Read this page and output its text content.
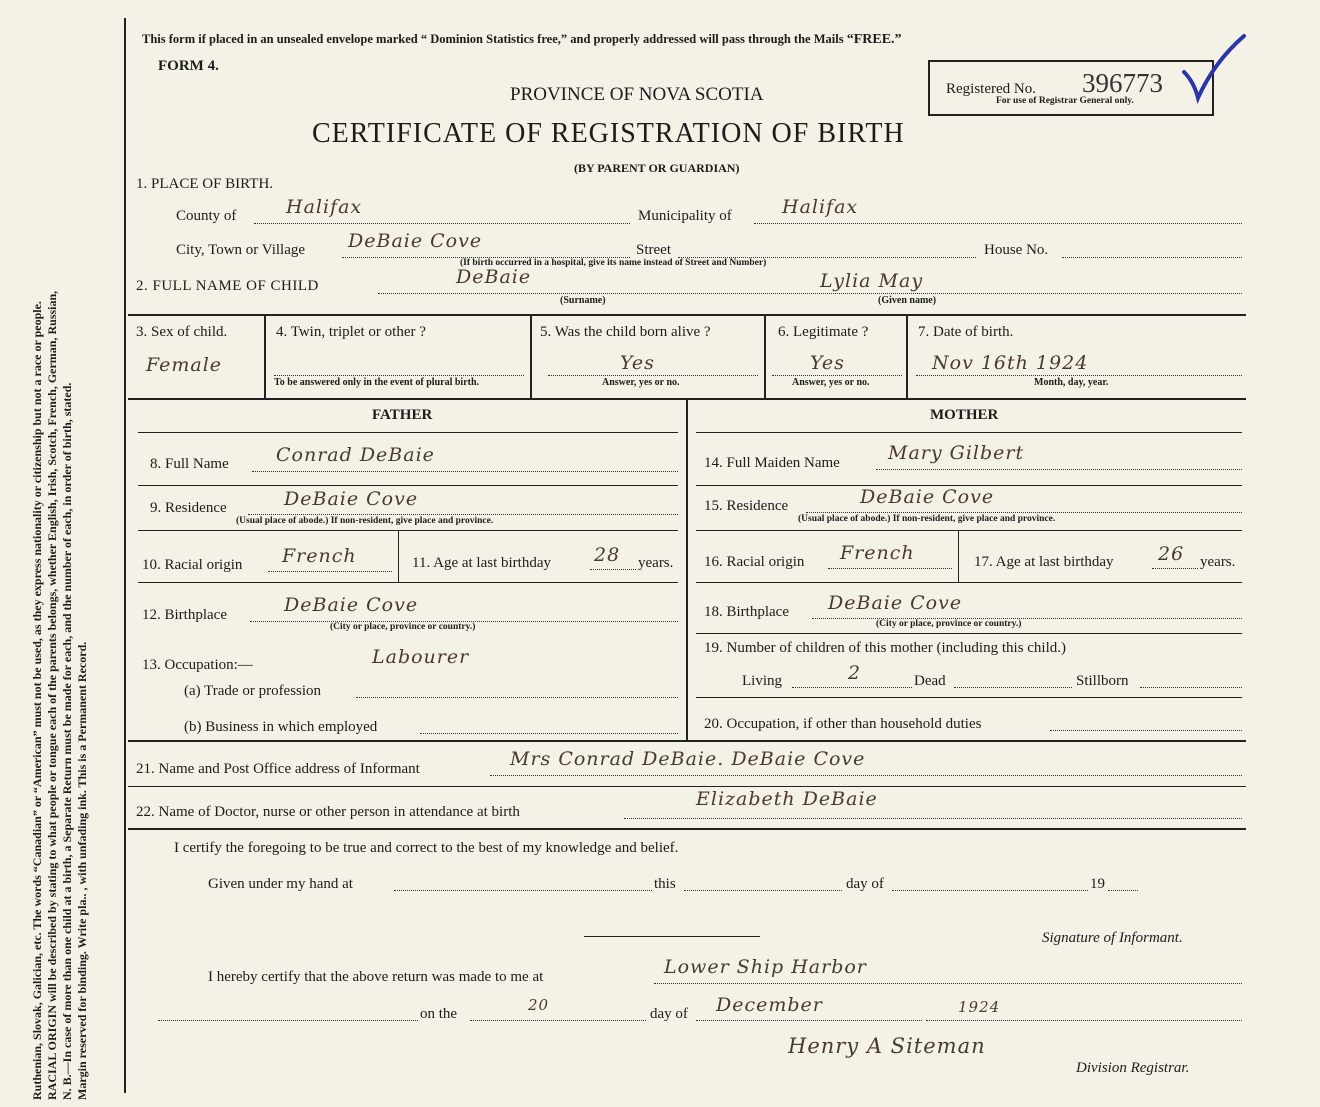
Ruthenian, Slovak, Galician, etc. The words “Canadian” or “American” must not be used, as they express nationality or citizenship but not a race or people. RACIAL ORIGIN will be described by stating to what people or tongue each of the parents belongs, whether English, Irish, Scotch, French, German, Russian, N. B.—In case of more than one child at a birth, a Separate Return must be made for each, and the number of each, in order of birth, stated. Margin reserved for binding. Write pla.. , with unfading ink. This is a Permanent Record.
This form if placed in an unsealed envelope marked “ Dominion Statistics free,” and properly addressed will pass through the Mails “FREE.”
FORM 4.
PROVINCE OF NOVA SCOTIA
CERTIFICATE OF REGISTRATION OF BIRTH
(BY PARENT OR GUARDIAN)
Registered No. 396773
For use of Registrar General only.
1. PLACE OF BIRTH.
County of	Halifax	Municipality of	Halifax
City, Town or Village DeBaie Cove	Street	House No.
(If birth occurred in a hospital, give its name instead of Street and Number)
2. FULL NAME OF CHILD	DeBaie
(Surname)
Lylia May
(Given name)
3. Sex of child.
Female
4. Twin, triplet or other ?
To be answered only in the event of plural birth.
5. Was the child born alive ?
Yes
Answer, yes or no.
6. Legitimate ?
Yes
Answer, yes or no.
7. Date of birth.
Nov 16th 1924
Month, day, year.
FATHER	MOTHER
8. Full Name Conrad DeBaie
9. Residence	DeBaie Cove
(Usual place of abode.) If non-resident, give place and province.
10. Racial origin French	11. Age at last birthday 28 years.
12. Birthplace	DeBaie Cove
(City or place, province or country.)
13. Occupation:—	Labourer
(a) Trade or profession
(b) Business in which employed
14. Full Maiden Name	Mary Gilbert
15. Residence	DeBaie Cove
(Usual place of abode.) If non-resident, give place and province.
16. Racial origin French	17. Age at last birthday 26 years.
18. Birthplace DeBaie Cove
(City or place, province or country.)
19. Number of children of this mother (including this child.)
Living	2	Dead	Stillborn
20. Occupation, if other than household duties
21. Name and Post Office address of Informant	Mrs Conrad DeBaie. DeBaie Cove
22. Name of Doctor, nurse or other person in attendance at birth
Elizabeth DeBaie
I certify the foregoing to be true and correct to the best of my knowledge and belief.
Given under my hand at	this	day of	19
Signature of Informant.
I hereby certify that the above return was made to me at	Lower Ship Harbor
on the	20	day of December	1924
Henry A Siteman
Division Registrar.
